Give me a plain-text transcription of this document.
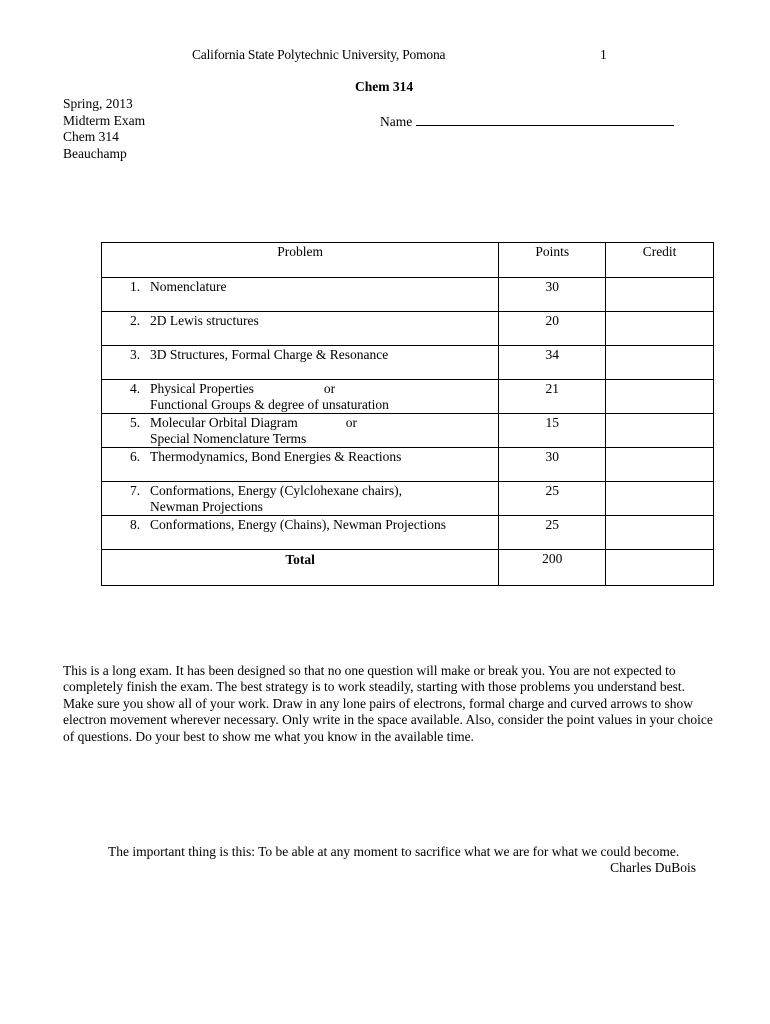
California State Polytechnic University, Pomona	1
Chem 314
Spring, 2013
Midterm Exam
Chem 314
Beauchamp
Name
Problem	Points	Credit
1. Nomenclature	30	
2. 2D Lewis structures	20	
3. 3D Structures, Formal Charge & Resonance	34	
4. Physical Properties or
Functional Groups & degree of unsaturation	21	
5. Molecular Orbital Diagram or
Special Nomenclature Terms	15	
6. Thermodynamics, Bond Energies & Reactions	30	
7. Conformations, Energy (Cylclohexane chairs),
Newman Projections	25	
8. Conformations, Energy (Chains), Newman Projections	25	
Total	200	
This is a long exam. It has been designed so that no one question will make or break you. You are not expected to completely finish the exam. The best strategy is to work steadily, starting with those problems you understand best. Make sure you show all of your work. Draw in any lone pairs of electrons, formal charge and curved arrows to show electron movement wherever necessary. Only write in the space available. Also, consider the point values in your choice of questions. Do your best to show me what you know in the available time.
The important thing is this: To be able at any moment to sacrifice what we are for what we could become.
Charles DuBois
